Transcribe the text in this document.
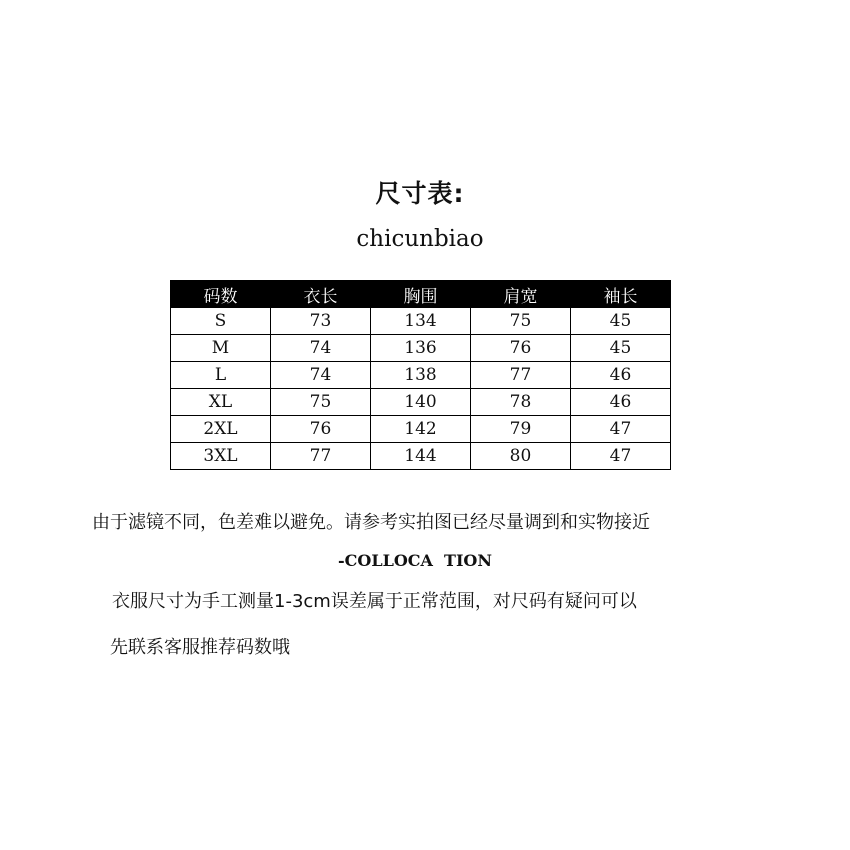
尺寸表:
chicunbiao
码数	衣长	胸围	肩宽	袖长
S	73	134	75	45
M	74	136	76	45
L	74	138	77	46
XL	75	140	78	46
2XL	76	142	79	47
3XL	77	144	80	47
由于滤镜不同，色差难以避免。请参考实拍图已经尽量调到和实物接近
-COLLOCA  TION
衣服尺寸为手工测量1-3cm误差属于正常范围，对尺码有疑问可以
先联系客服推荐码数哦
